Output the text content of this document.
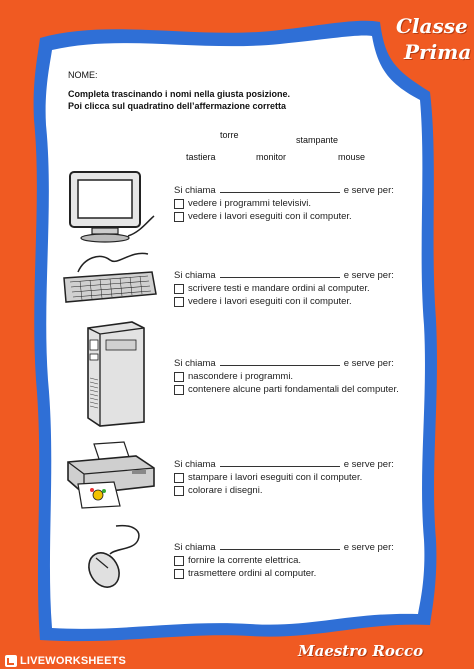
Classe
Prima
NOME:
Completa trascinando i nomi nella giusta posizione.
Poi clicca sul quadratino dell’affermazione corretta
torre	stampante
tastiera	monitor	mouse
Si chiama	e serve per:
vedere i programmi televisivi.
vedere i lavori eseguiti con il computer.
Si chiama	e serve per:
scrivere testi e mandare ordini al computer.
vedere i lavori eseguiti con il computer.
Si chiama	e serve per:
nascondere i programmi.
contenere alcune parti fondamentali del computer.
Si chiama	e serve per:
stampare i lavori eseguiti con il computer.
colorare i disegni.
Si chiama	e serve per:
fornire la corrente elettrica.
trasmettere ordini al computer.
Maestro Rocco
LIVEWORKSHEETS
